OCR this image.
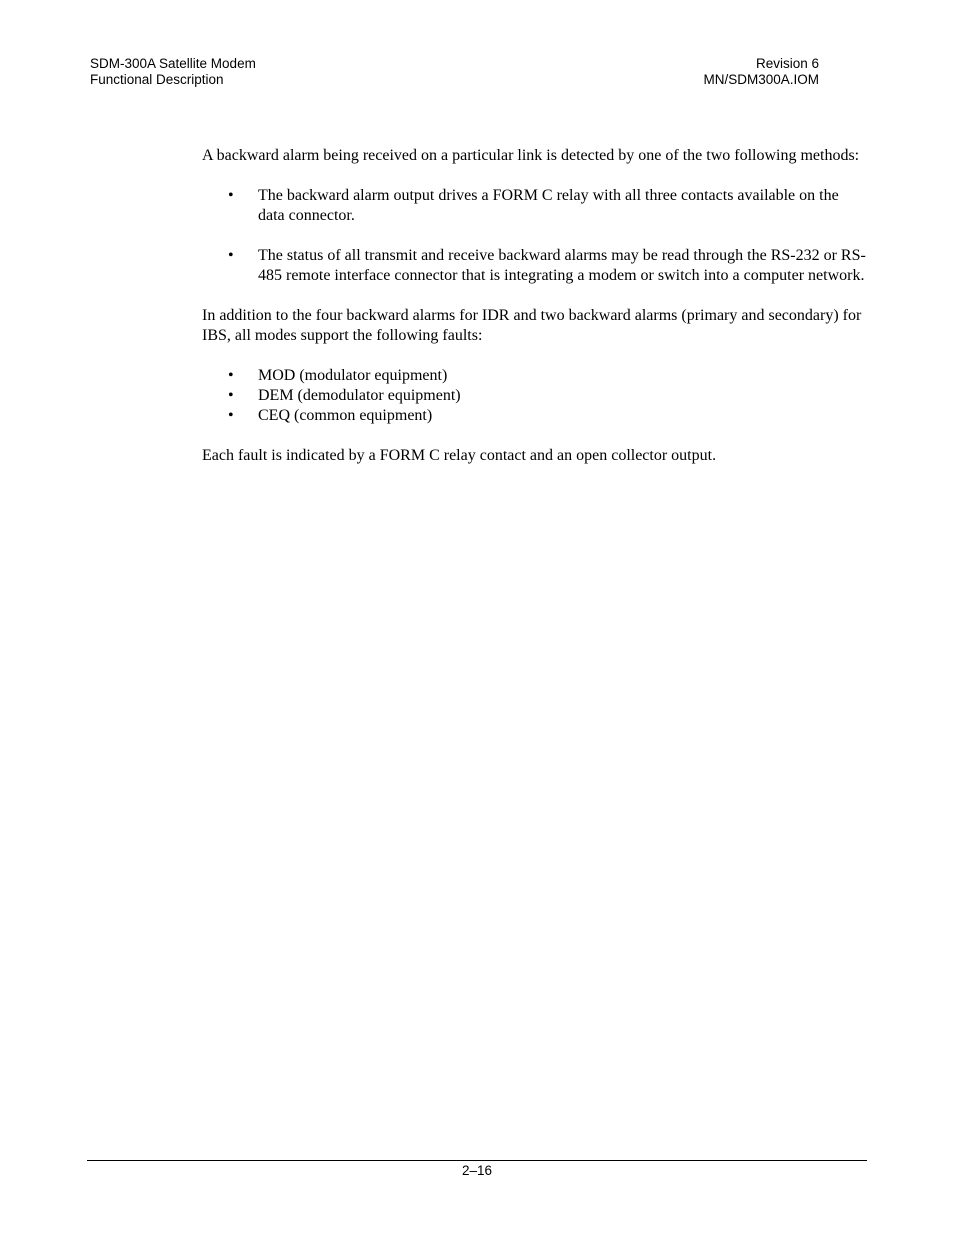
SDM-300A Satellite Modem
Functional Description
Revision 6
MN/SDM300A.IOM

A backward alarm being received on a particular link is detected by one of the two following methods:

• The backward alarm output drives a FORM C relay with all three contacts available on the data connector.
• The status of all transmit and receive backward alarms may be read through the RS-232 or RS-485 remote interface connector that is integrating a modem or switch into a computer network.

In addition to the four backward alarms for IDR and two backward alarms (primary and secondary) for IBS, all modes support the following faults:

• MOD (modulator equipment)
• DEM (demodulator equipment)
• CEQ (common equipment)

Each fault is indicated by a FORM C relay contact and an open collector output.

2–16
